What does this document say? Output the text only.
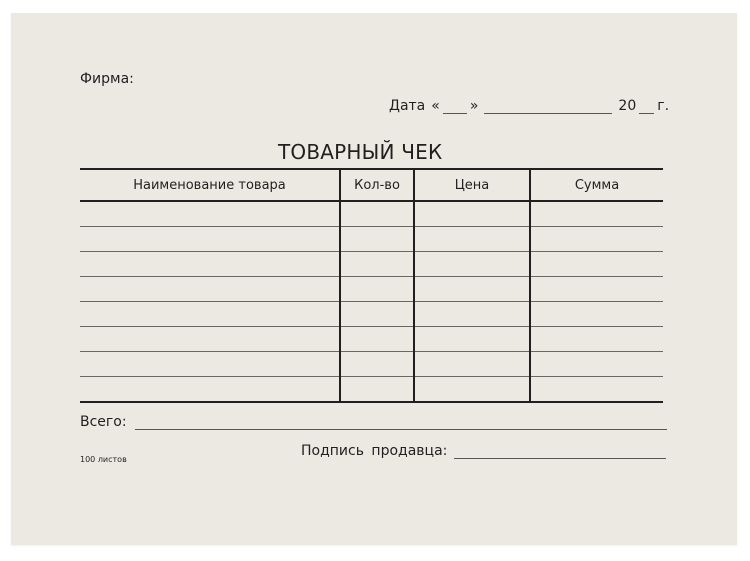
Фирма:
Дата « »	20 г.
ТОВАРНЫЙ ЧЕК
Наименование товара	Кол-во	Цена	Сумма

Всего:
100 листов
Подпись продавца:
